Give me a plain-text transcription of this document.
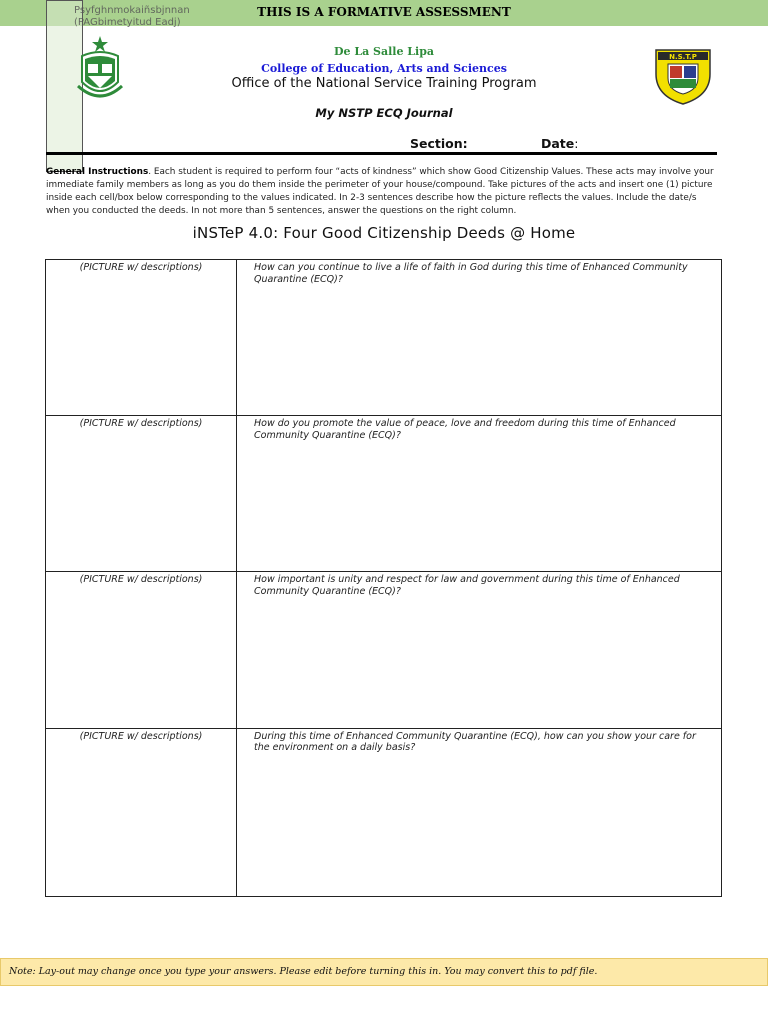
THIS IS A FORMATIVE ASSESSMENT
Psyfghnmokaiñsbjnnan
(PAGbimetyitud Eadj)
N.S.T.P
De La Salle Lipa
College of Education, Arts and Sciences
Office of the National Service Training Program
My NSTP ECQ Journal
Section:	Date:
General Instructions. Each student is required to perform four “acts of kindness” which show Good Citizenship Values. These acts may involve your immediate family members as long as you do them inside the perimeter of your house/compound. Take pictures of the acts and insert one (1) picture inside each cell/box below corresponding to the values indicated. In 2-3 sentences describe how the picture reflects the values. Include the date/s when you conducted the deeds. In not more than 5 sentences, answer the questions on the right column.
iNSTeP 4.0: Four Good Citizenship Deeds @ Home
(PICTURE w/ descriptions)	How can you continue to live a life of faith in God during this time of Enhanced Community Quarantine (ECQ)?
(PICTURE w/ descriptions)	How do you promote the value of peace, love and freedom during this time of Enhanced Community Quarantine (ECQ)?
(PICTURE w/ descriptions)	How important is unity and respect for law and government during this time of Enhanced Community Quarantine (ECQ)?
(PICTURE w/ descriptions)	During this time of Enhanced Community Quarantine (ECQ), how can you show your care for the environment on a daily basis?
Note: Lay-out may change once you type your answers. Please edit before turning this in. You may convert this to pdf file.
